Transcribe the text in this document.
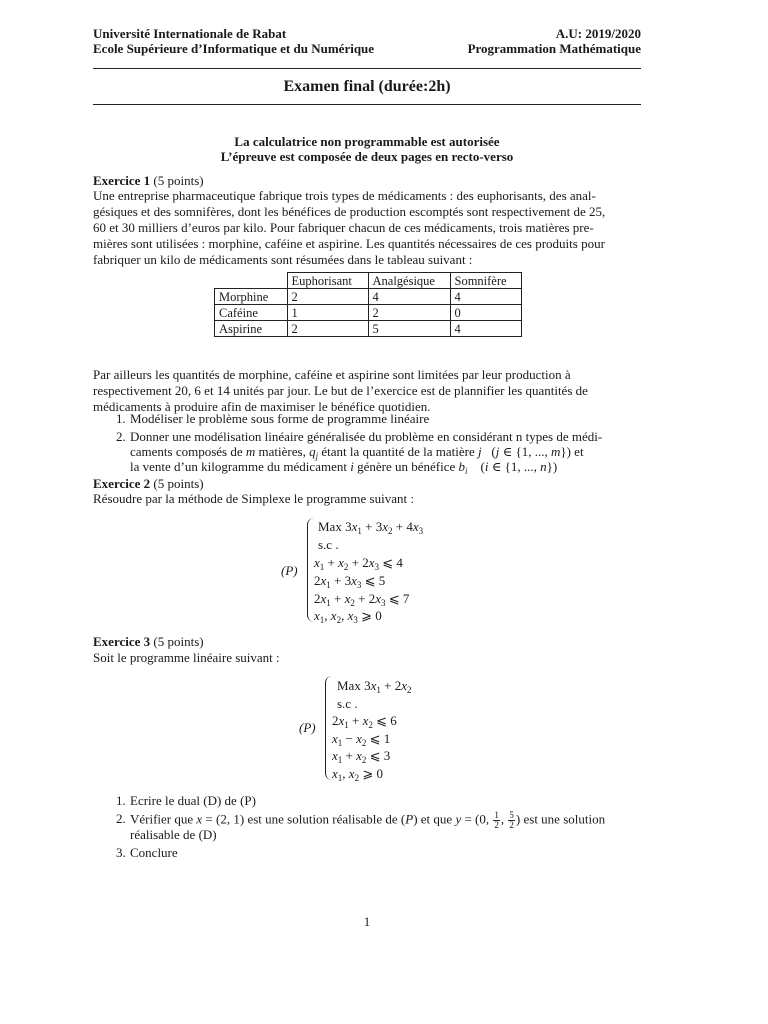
Université Internationale de Rabat
Ecole Supérieure d’Informatique et du Numérique
A.U: 2019/2020
Programmation Mathématique
Examen final (durée:2h)
La calculatrice non programmable est autorisée
L’épreuve est composée de deux pages en recto-verso
Exercice 1 (5 points)
Une entreprise pharmaceutique fabrique trois types de médicaments : des euphorisants, des anal-
gésiques et des somnifères, dont les bénéfices de production escomptés sont respectivement de 25,
60 et 30 milliers d’euros par kilo. Pour fabriquer chacun de ces médicaments, trois matières pre-
mières sont utilisées : morphine, caféine et aspirine. Les quantités nécessaires de ces produits pour
fabriquer un kilo de médicaments sont résumées dans le tableau suivant :
	Euphorisant	Analgésique	Somnifère
Morphine	2	4	4
Caféine	1	2	0
Aspirine	2	5	4
Par ailleurs les quantités de morphine, caféine et aspirine sont limitées par leur production à
respectivement 20, 6 et 14 unités par jour. Le but de l’exercice est de plannifier les quantités de
médicaments à produire afin de maximiser le bénéfice quotidien.
1. Modéliser le problème sous forme de programme linéaire
2. Donner une modélisation linéaire généralisée du problème en considérant n types de médi-
caments composés de m matières, $q_j$ étant la quantité de la matière j   (j ∈ {1, ..., m}) et
la vente d’un kilogramme du médicament i génère un bénéfice $b_i$    (i ∈ {1, ..., n})
Exercice 2 (5 points)
Résoudre par la méthode de Simplexe le programme suivant :
(P)
Max $3x_1 + 3x_2 + 4x_3$
s.c .
$x_1 + x_2 + 2x_3$ ⩽ 4
$2x_1 + 3x_3$ ⩽ 5
$2x_1 + x_2 + 2x_3$ ⩽ 7
$x_1$, $x_2$, $x_3$ ⩾ 0
Exercice 3 (5 points)
Soit le programme linéaire suivant :
(P)
Max $3x_1 + 2x_2$
s.c .
$2x_1 + x_2$ ⩽ 6
$x_1 - x_2$ ⩽ 1
$x_1 + x_2$ ⩽ 3
$x_1$, $x_2$ ⩾ 0
1. Ecrire le dual (D) de (P)
2. Vérifier que x = (2, 1) est une solution réalisable de (P) et que y = (0, $\frac{1}{2}$ , $\frac{5}{2}$ ) est une solution
réalisable de (D)
3. Conclure
1
